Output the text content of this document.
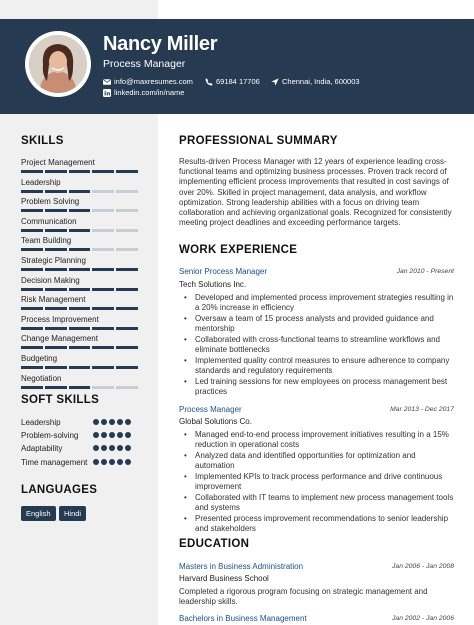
Nancy Miller
Process Manager
info@maxresumes.com	69184 17706	Chennai, India, 600003
linkedin.com/in/name
SKILLS
Project Management
Leadership
Problem Solving
Communication
Team Building
Strategic Planning
Decision Making
Risk Management
Process Improvement
Change Management
Budgeting
Negotiation
SOFT SKILLS
Leadership
Problem-solving
Adaptability
Time management
LANGUAGES
English	Hindi
PROFESSIONAL SUMMARY
Results-driven Process Manager with 12 years of experience leading cross-functional teams and optimizing business processes. Proven track record of implementing efficient process improvements that resulted in cost savings of over 20%. Skilled in project management, data analysis, and workflow optimization. Strong leadership abilities with a focus on driving team collaboration and achieving organizational goals. Recognized for consistently meeting project deadlines and exceeding performance targets.
WORK EXPERIENCE
Senior Process Manager	Jan 2010 - Present
Tech Solutions Inc.
• Developed and implemented process improvement strategies resulting in a 20% increase in efficiency
• Oversaw a team of 15 process analysts and provided guidance and mentorship
• Collaborated with cross-functional teams to streamline workflows and eliminate bottlenecks
• Implemented quality control measures to ensure adherence to company standards and regulatory requirements
• Led training sessions for new employees on process management best practices
Process Manager	Mar 2013 - Dec 2017
Global Solutions Co.
• Managed end-to-end process improvement initiatives resulting in a 15% reduction in operational costs
• Analyzed data and identified opportunities for optimization and automation
• Implemented KPIs to track process performance and drive continuous improvement
• Collaborated with IT teams to implement new process management tools and systems
• Presented process improvement recommendations to senior leadership and stakeholders
EDUCATION
Masters in Business Administration	Jan 2006 - Jan 2008
Harvard Business School
Completed a rigorous program focusing on strategic management and leadership skills.
Bachelors in Business Management	Jan 2002 - Jan 2006
